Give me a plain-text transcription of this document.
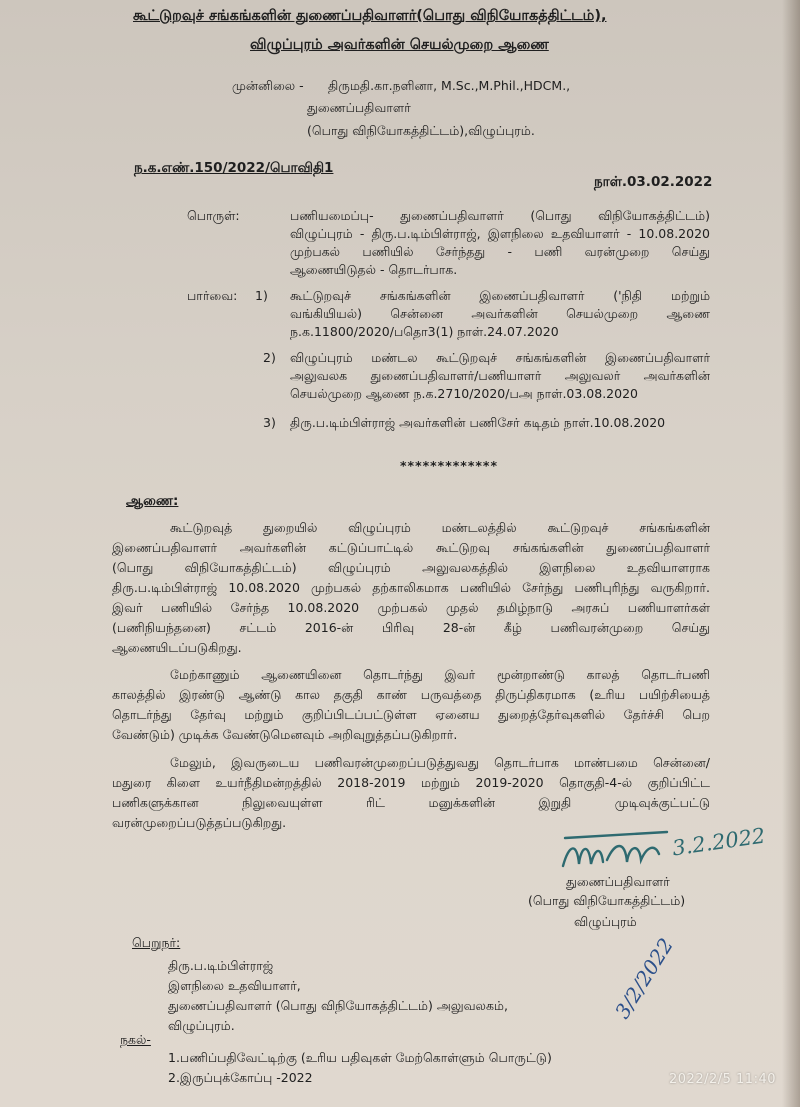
கூட்டுறவுச் சங்கங்களின் துணைப்பதிவாளர்(பொது விநியோகத்திட்டம்),
விழுப்புரம் அவர்களின் செயல்முறை ஆணை
முன்னிலை - திருமதி.கா.நளினா, M.Sc.,M.Phil.,HDCM.,
துணைப்பதிவாளர்
(பொது விநியோகத்திட்டம்),விழுப்புரம்.
ந.க.எண்.150/2022/பொவிதி1
நாள்.03.02.2022
பொருள்:	பணியமைப்பு- துணைப்பதிவாளர் (பொது விநியோகத்திட்டம்)
விழுப்புரம் - திரு.ப.டிம்பிள்ராஜ், இளநிலை உதவியாளர் - 10.08.2020
முற்பகல் பணியில் சேர்ந்தது - பணி வரன்முறை செய்து
ஆணையிடுதல் - தொடர்பாக.
பார்வை: 1) கூட்டுறவுச் சங்கங்களின் இணைப்பதிவாளர் ('நிதி மற்றும்
வங்கியியல்) சென்னை அவர்களின் செயல்முறை ஆணை
ந.க.11800/2020/பதொ3(1) நாள்.24.07.2020
2) விழுப்புரம் மண்டல கூட்டுறவுச் சங்கங்களின் இணைப்பதிவாளர்
அலுவலக துணைப்பதிவாளர்/பணியாளர் அலுவலர் அவர்களின்
செயல்முறை ஆணை ந.க.2710/2020/பஅ நாள்.03.08.2020
3) திரு.ப.டிம்பிள்ராஜ் அவர்களின் பணிசேர் கடிதம் நாள்.10.08.2020
*************
ஆணை:
கூட்டுறவுத் துறையில் விழுப்புரம் மண்டலத்தில் கூட்டுறவுச் சங்கங்களின்
இணைப்பதிவாளர் அவர்களின் கட்டுப்பாட்டில் கூட்டுறவு சங்கங்களின் துணைப்பதிவாளர்
(பொது விநியோகத்திட்டம்) விழுப்புரம் அலுவலகத்தில் இளநிலை உதவியாளராக
திரு.ப.டிம்பிள்ராஜ் 10.08.2020 முற்பகல் தற்காலிகமாக பணியில் சேர்ந்து பணிபுரிந்து வருகிறார்.
இவர் பணியில் சேர்ந்த 10.08.2020 முற்பகல் முதல் தமிழ்நாடு அரசுப் பணியாளர்கள்
(பணிநியந்தனை) சட்டம் 2016-ன் பிரிவு 28-ன் கீழ் பணிவரன்முறை செய்து
ஆணையிடப்படுகிறது.
மேற்காணும் ஆணையினை தொடர்ந்து இவர் மூன்றாண்டு காலத் தொடர்பணி
காலத்தில் இரண்டு ஆண்டு கால தகுதி காண் பருவத்தை திருப்திகரமாக (உரிய பயிற்சியைத்
தொடர்ந்து தேர்வு மற்றும் குறிப்பிடப்பட்டுள்ள ஏனைய துறைத்தேர்வுகளில் தேர்ச்சி பெற
வேண்டும்) முடிக்க வேண்டுமெனவும் அறிவுறுத்தப்படுகிறார்.
மேலும், இவருடைய பணிவரன்முறைப்படுத்துவது தொடர்பாக மாண்பமை சென்னை/
மதுரை கிளை உயர்நீதிமன்றத்தில் 2018-2019 மற்றும் 2019-2020 தொகுதி-4-ல் குறிப்பிட்ட
பணிகளுக்கான நிலுவையுள்ள ரிட் மனுக்களின் இறுதி முடிவுக்குட்பட்டு
வரன்முறைப்படுத்தப்படுகிறது.
3.2.2022
துணைப்பதிவாளர்
(பொது விநியோகத்திட்டம்)
விழுப்புரம்
பெறுநர்:
திரு.ப.டிம்பிள்ராஜ்
இளநிலை உதவியாளர்,
துணைப்பதிவாளர் (பொது விநியோகத்திட்டம்) அலுவலகம்,
விழுப்புரம்.
3/2/2022
நகல்-
1.பணிப்பதிவேட்டிற்கு (உரிய பதிவுகள் மேற்கொள்ளும் பொருட்டு)
2.இருப்புக்கோப்பு -2022	2022/2/5 11:40
